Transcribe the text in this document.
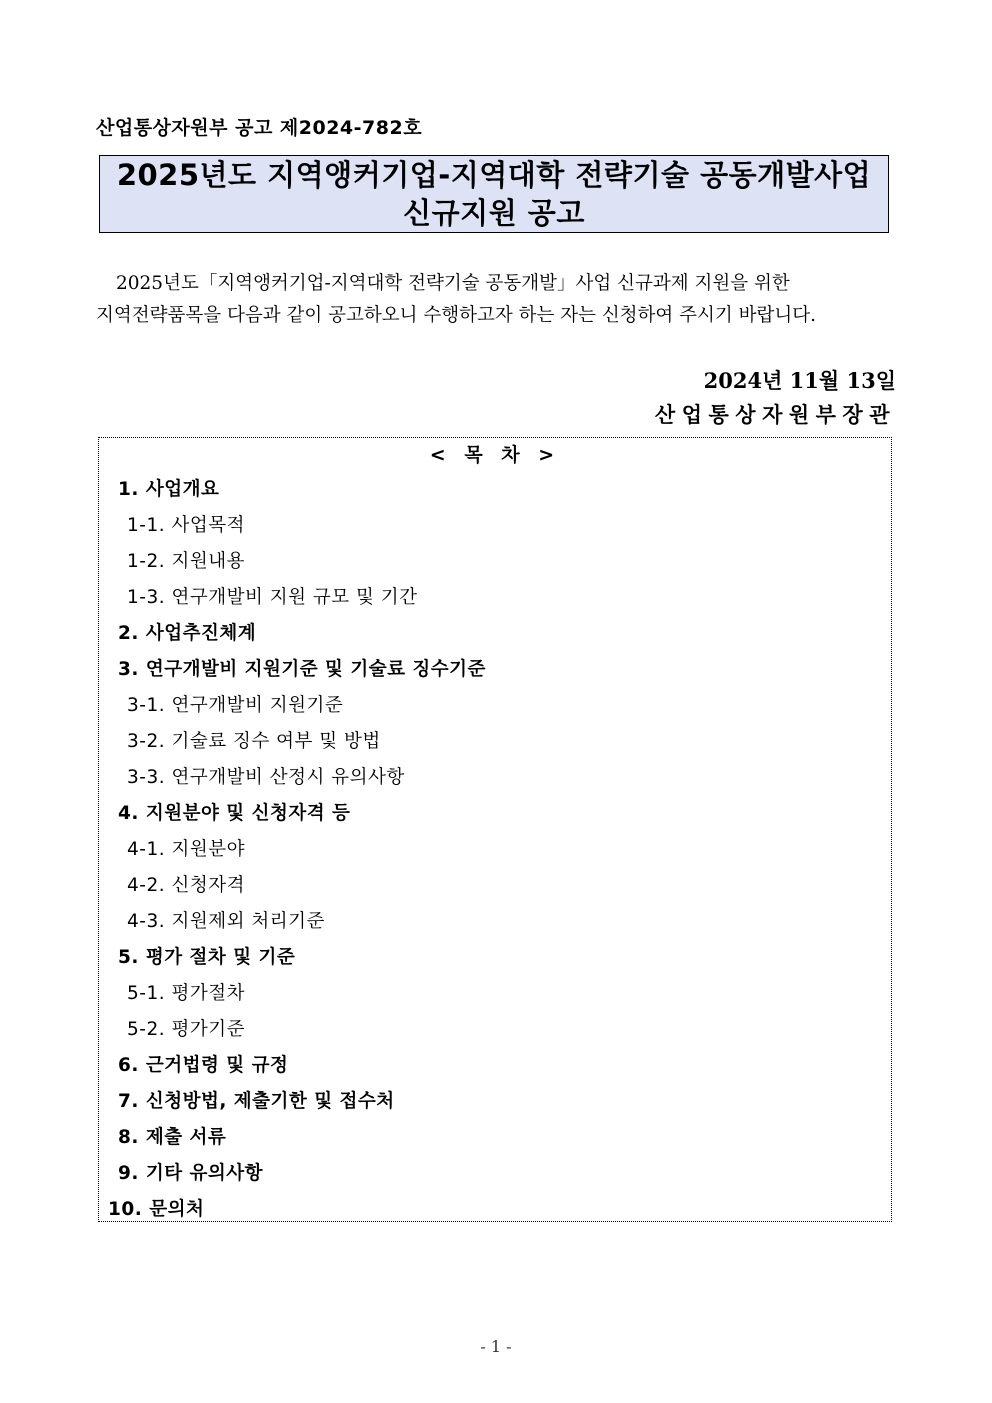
산업통상자원부 공고 제2024-782호
2025년도 지역앵커기업-지역대학 전략기술 공동개발사업
신규지원 공고

2025년도「지역앵커기업-지역대학 전략기술 공동개발」사업 신규과제 지원을 위한

지역전략품목을 다음과 같이 공고하오니 수행하고자 하는 자는 신청하여 주시기 바랍니다.

2024년 11월 13일
산업통상자원부장관
< 목 차 >
1. 사업개요
1-1. 사업목적
1-2. 지원내용
1-3. 연구개발비 지원 규모 및 기간
2. 사업추진체계
3. 연구개발비 지원기준 및 기술료 징수기준
3-1. 연구개발비 지원기준
3-2. 기술료 징수 여부 및 방법
3-3. 연구개발비 산정시 유의사항
4. 지원분야 및 신청자격 등
4-1. 지원분야
4-2. 신청자격
4-3. 지원제외 처리기준
5. 평가 절차 및 기준
5-1. 평가절차
5-2. 평가기준
6. 근거법령 및 규정
7. 신청방법, 제출기한 및 접수처
8. 제출 서류
9. 기타 유의사항
10. 문의처
- 1 -
